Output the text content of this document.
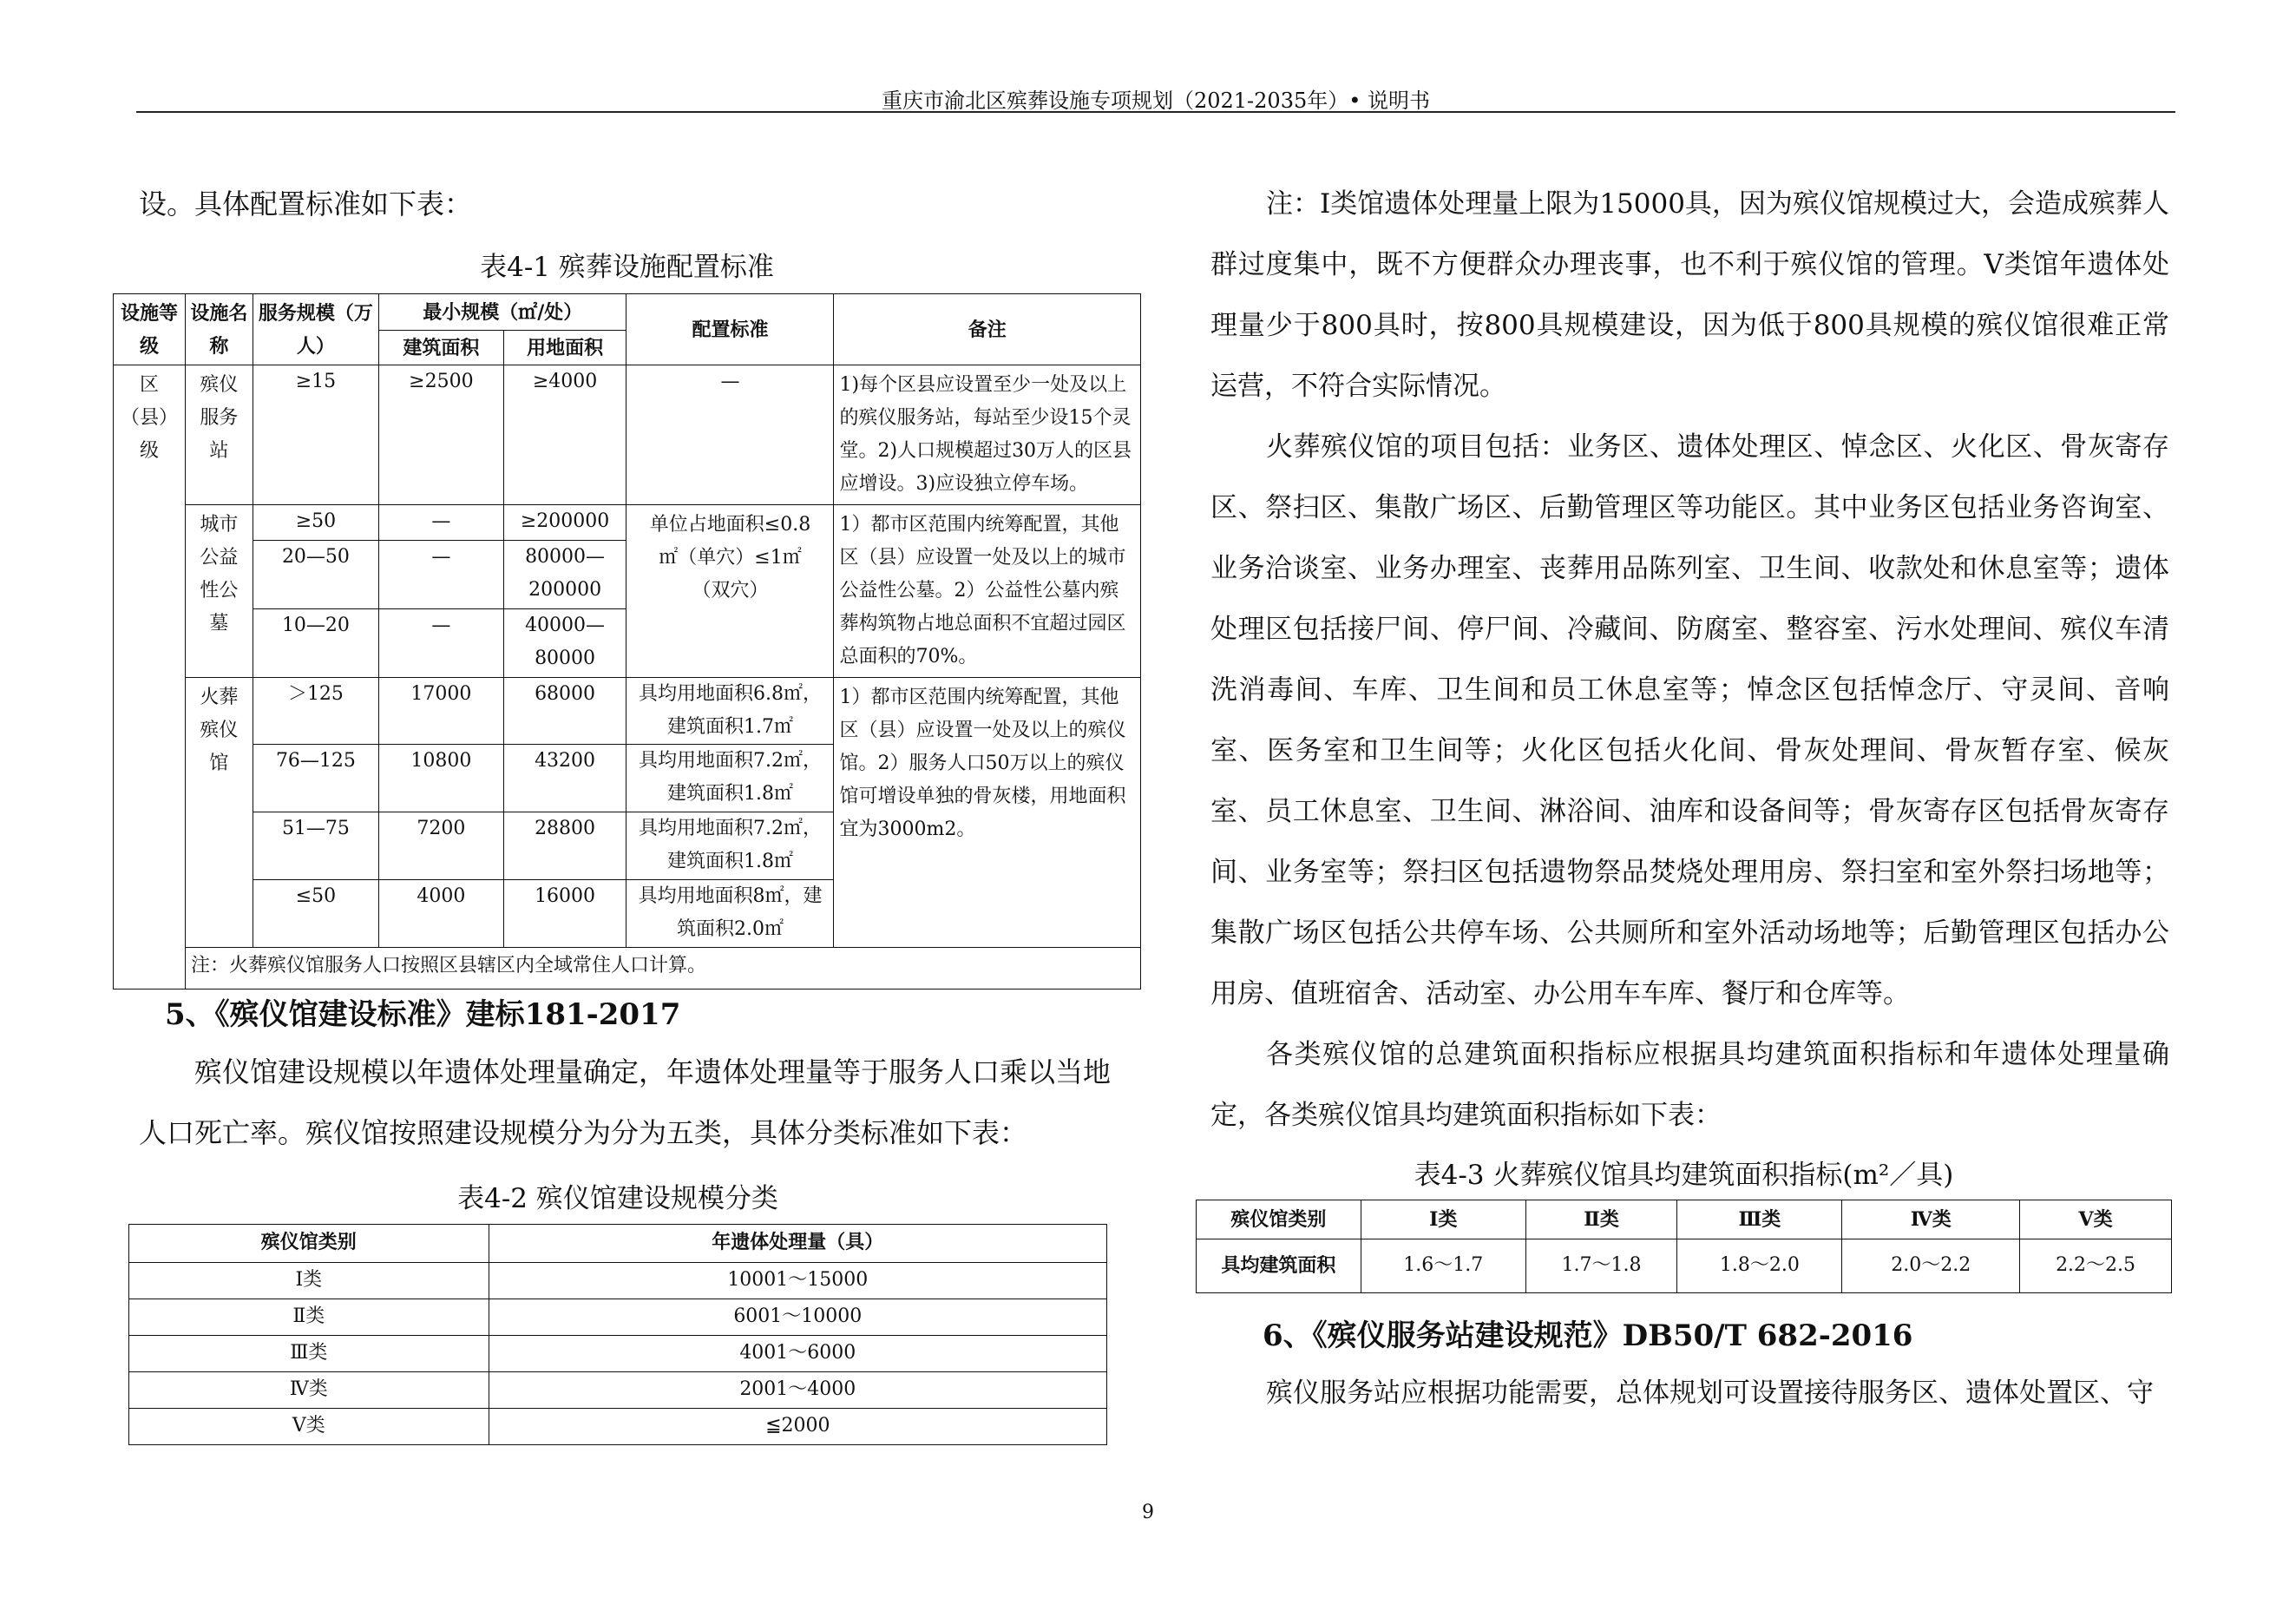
重庆市渝北区殡葬设施专项规划（2021-2035年）• 说明书

设。具体配置标准如下表：

表4-1 殡葬设施配置标准

设施等级	设施名称	服务规模（万人）	最小规模（㎡/处）		配置标准	备注
			建筑面积	用地面积		

区（县）级	殡仪服务站	≥15	≥2500	≥4000	—	1)每个区县应设置至少一处及以上的殡仪服务站，每站至少设15个灵堂。2)人口规模超过30万人的区县应增设。3)应设独立停车场。

	城市公益性公墓	≥50	—	≥200000	单位占地面积≤0.8㎡（单穴）≤1㎡（双穴）	1）都市区范围内统筹配置，其他区（县）应设置一处及以上的城市公益性公墓。2）公益性公墓内殡葬构筑物占地总面积不宜超过园区总面积的70%。
		20—50	—	80000—200000		

		10—20	—	40000—80000		

	火葬殡仪馆	＞125	17000	68000	具均用地面积6.8㎡，建筑面积1.7㎡	1）都市区范围内统筹配置，其他区（县）应设置一处及以上的殡仪馆。2）服务人口50万以上的殡仪馆可增设单独的骨灰楼，用地面积宜为3000m2。
		76—125	10800	43200	具均用地面积7.2㎡，建筑面积1.8㎡	

		51—75	7200	28800	具均用地面积7.2㎡，建筑面积1.8㎡	

		≤50	4000	16000	具均用地面积8㎡，建筑面积2.0㎡	

	注：火葬殡仪馆服务人口按照区县辖区内全域常住人口计算。					
5、《殡仪馆建设标准》建标181-2017

殡仪馆建设规模以年遗体处理量确定，年遗体处理量等于服务人口乘以当地

人口死亡率。殡仪馆按照建设规模分为分为五类，具体分类标准如下表：

表4-2 殡仪馆建设规模分类

殡仪馆类别	年遗体处理量（具）
Ⅰ类	10001～15000
Ⅱ类	6001～10000
Ⅲ类	4001～6000
Ⅳ类	2001～4000
Ⅴ类	≦2000

注：Ⅰ类馆遗体处理量上限为15000具，因为殡仪馆规模过大，会造成殡葬人群过度集中，既不方便群众办理丧事，也不利于殡仪馆的管理。Ⅴ类馆年遗体处理量少于800具时，按800具规模建设，因为低于800具规模的殡仪馆很难正常运营，不符合实际情况。

火葬殡仪馆的项目包括：业务区、遗体处理区、悼念区、火化区、骨灰寄存区、祭扫区、集散广场区、后勤管理区等功能区。其中业务区包括业务咨询室、业务洽谈室、业务办理室、丧葬用品陈列室、卫生间、收款处和休息室等；遗体处理区包括接尸间、停尸间、冷藏间、防腐室、整容室、污水处理间、殡仪车清洗消毒间、车库、卫生间和员工休息室等；悼念区包括悼念厅、守灵间、音响室、医务室和卫生间等；火化区包括火化间、骨灰处理间、骨灰暂存室、候灰室、员工休息室、卫生间、淋浴间、油库和设备间等；骨灰寄存区包括骨灰寄存间、业务室等；祭扫区包括遗物祭品焚烧处理用房、祭扫室和室外祭扫场地等；集散广场区包括公共停车场、公共厕所和室外活动场地等；后勤管理区包括办公用房、值班宿舍、活动室、办公用车车库、餐厅和仓库等。

各类殡仪馆的总建筑面积指标应根据具均建筑面积指标和年遗体处理量确定，各类殡仪馆具均建筑面积指标如下表：

表4-3 火葬殡仪馆具均建筑面积指标(m²／具)

殡仪馆类别	Ⅰ类	Ⅱ类	Ⅲ类	Ⅳ类	Ⅴ类
具均建筑面积	1.6～1.7	1.7～1.8	1.8～2.0	2.0～2.2	2.2～2.5
6、《殡仪服务站建设规范》DB50/T 682-2016

殡仪服务站应根据功能需要，总体规划可设置接待服务区、遗体处置区、守

9
